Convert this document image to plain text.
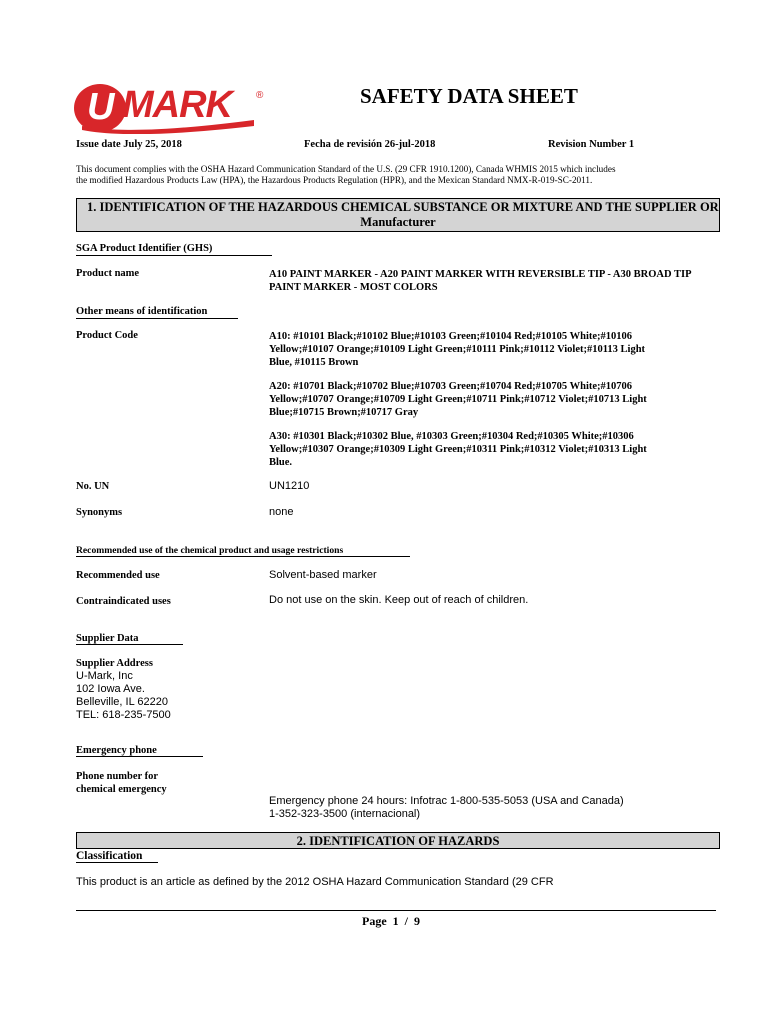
U MARK ®	SAFETY DATA SHEET
Issue date July 25, 2018	Fecha de revisión 26-jul-2018	Revision Number 1
This document complies with the OSHA Hazard Communication Standard of the U.S. (29 CFR 1910.1200), Canada WHMIS 2015 which includes
the modified Hazardous Products Law (HPA), the Hazardous Products Regulation (HPR), and the Mexican Standard NMX-R-019-SC-2011.
1. IDENTIFICATION OF THE HAZARDOUS CHEMICAL SUBSTANCE OR MIXTURE AND THE SUPPLIER OR
Manufacturer
SGA Product Identifier (GHS)
Product name	A10 PAINT MARKER - A20 PAINT MARKER WITH REVERSIBLE TIP - A30 BROAD TIP
PAINT MARKER - MOST COLORS
Other means of identification
Product Code	A10: #10101 Black;#10102 Blue;#10103 Green;#10104 Red;#10105 White;#10106
Yellow;#10107 Orange;#10109 Light Green;#10111 Pink;#10112 Violet;#10113 Light
Blue, #10115 Brown
A20: #10701 Black;#10702 Blue;#10703 Green;#10704 Red;#10705 White;#10706
Yellow;#10707 Orange;#10709 Light Green;#10711 Pink;#10712 Violet;#10713 Light
Blue;#10715 Brown;#10717 Gray
A30: #10301 Black;#10302 Blue, #10303 Green;#10304 Red;#10305 White;#10306
Yellow;#10307 Orange;#10309 Light Green;#10311 Pink;#10312 Violet;#10313 Light
Blue.
No. UN	UN1210
Synonyms	none
Recommended use of the chemical product and usage restrictions
Recommended use	Solvent-based marker
Contraindicated uses	Do not use on the skin. Keep out of reach of children.
Supplier Data
Supplier Address
U-Mark, Inc
102 Iowa Ave.
Belleville, IL 62220
TEL: 618-235-7500
Emergency phone
Phone number for
chemical emergency
Emergency phone 24 hours: Infotrac 1-800-535-5053 (USA and Canada)
1-352-323-3500 (internacional)
2. IDENTIFICATION OF HAZARDS
Classification
This product is an article as defined by the 2012 OSHA Hazard Communication Standard (29 CFR
Page  1  /  9
